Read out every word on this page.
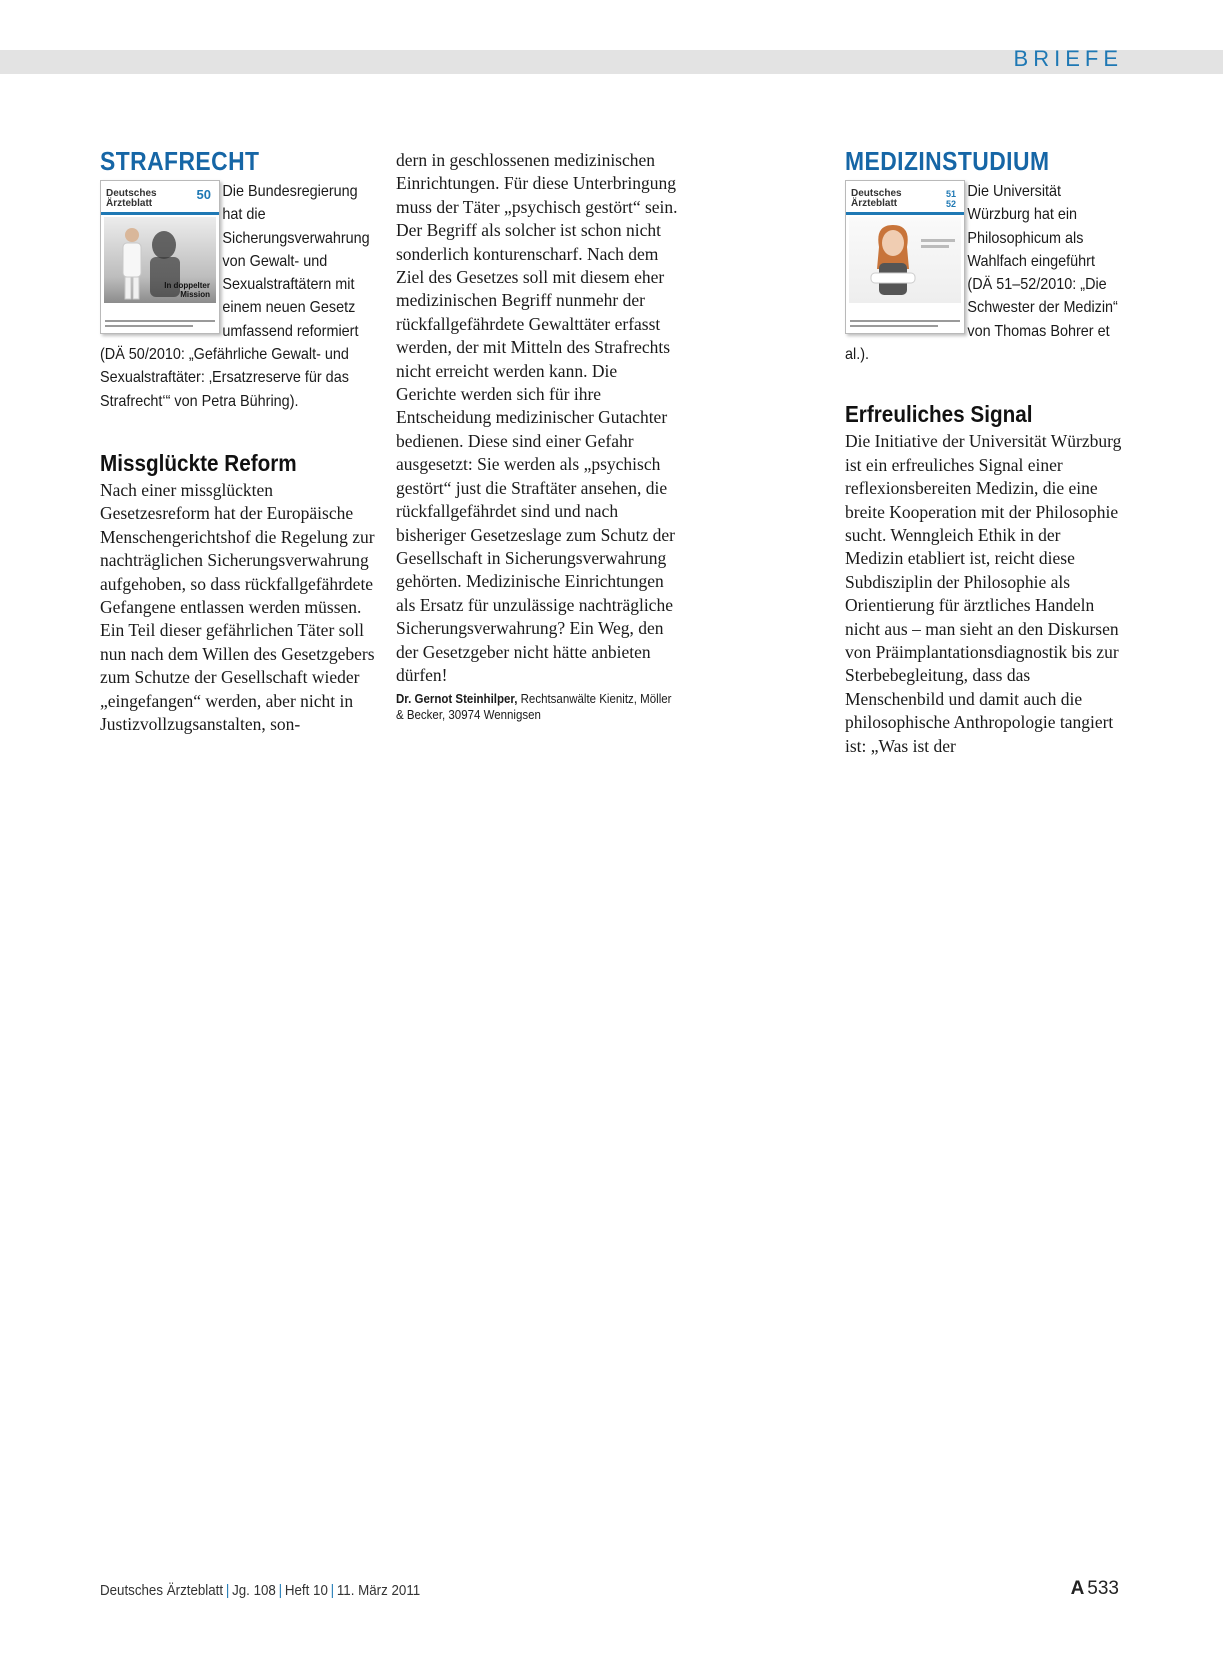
BRIEFE
STRAFRECHT
Deutsches
Ärzteblatt
50
In doppelter
Mission

Die Bundesregierung hat die Sicherungsverwahrung von Gewalt- und Sexualstraftätern mit einem neuen Gesetz umfassend reformiert (DÄ 50/2010: „Gefährliche Gewalt- und Sexualstraftäter: ‚Ersatzreserve für das Strafrecht‘“ von Petra Bühring).

Missglückte Reform

Nach einer missglückten Gesetzesreform hat der Europäische Menschengerichtshof die Regelung zur nachträglichen Sicherungsverwahrung aufgehoben, so dass rückfallgefährdete Gefangene entlassen werden müssen.

Ein Teil dieser gefährlichen Täter soll nun nach dem Willen des Gesetzgebers zum Schutze der Gesellschaft wieder „eingefangen“ werden, aber nicht in Justizvollzugsanstalten, son-

dern in geschlossenen medizinischen Einrichtungen. Für diese Unterbringung muss der Täter „psychisch gestört“ sein. Der Begriff als solcher ist schon nicht sonderlich konturenscharf. Nach dem Ziel des Gesetzes soll mit diesem eher medizinischen Begriff nunmehr der rückfallgefährdete Gewalttäter erfasst werden, der mit Mitteln des Strafrechts nicht erreicht werden kann. Die Gerichte werden sich für ihre Entscheidung medizinischer Gutachter bedienen. Diese sind einer Gefahr ausgesetzt: Sie werden als „psychisch gestört“ just die Straftäter ansehen, die rückfallgefährdet sind und nach bisheriger Gesetzeslage zum Schutz der Gesellschaft in Sicherungsverwahrung gehörten. Medizinische Einrichtungen als Ersatz für unzulässige nachträgliche Sicherungsverwahrung? Ein Weg, den der Gesetzgeber nicht hätte anbieten dürfen!

Dr. Gernot Steinhilper, Rechtsanwälte Kienitz, Möller & Becker, 30974 Wennigsen

MEDIZINSTUDIUM
Deutsches
Ärzteblatt
51
52

Die Universität Würzburg hat ein Philosophicum als Wahlfach eingeführt (DÄ 51–52/2010: „Die Schwester der Medizin“ von Thomas Bohrer et al.).

Erfreuliches Signal

Die Initiative der Universität Würzburg ist ein erfreuliches Signal einer reflexionsbereiten Medizin, die eine breite Kooperation mit der Philosophie sucht. Wenngleich Ethik in der Medizin etabliert ist, reicht diese Subdisziplin der Philosophie als Orientierung für ärztliches Handeln nicht aus – man sieht an den Diskursen von Präimplantationsdiagnostik bis zur Sterbebegleitung, dass das Menschenbild und damit auch die philosophische Anthropologie tangiert ist: „Was ist der

Deutsches Ärzteblatt | Jg. 108 | Heft 10 | 11. März 2011	A 533
